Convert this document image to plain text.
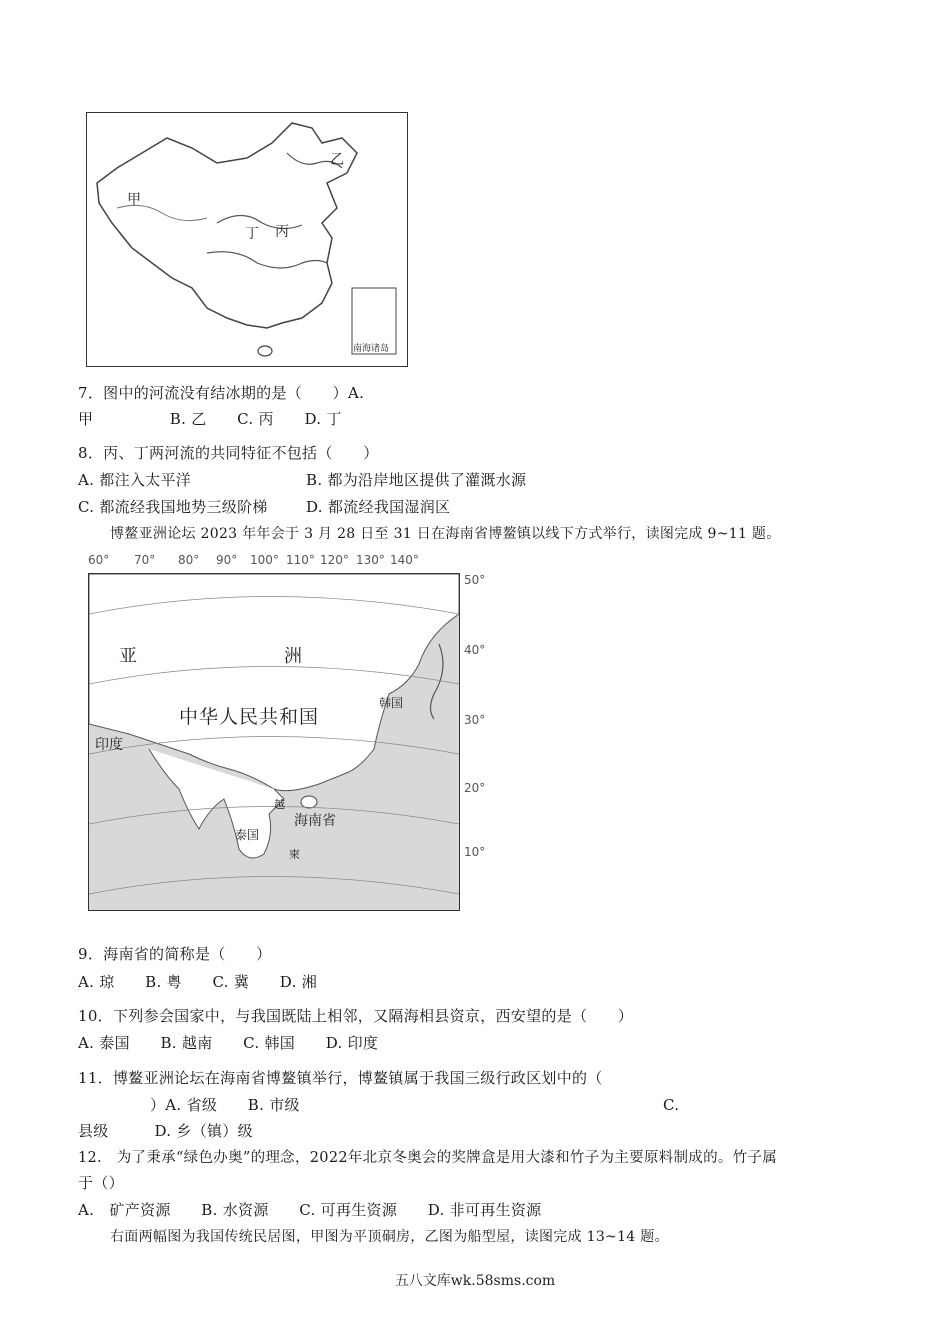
甲
乙
丙
丁
南海诸岛
7．图中的河流没有结冰期的是（　　）A.
甲　　　　　B. 乙　　C. 丙　　D. 丁
8．丙、丁两河流的共同特征不包括（　　）
A. 都注入太平洋	B. 都为沿岸地区提供了灌溉水源
C. 都流经我国地势三级阶梯	D. 都流经我国湿润区
博鳌亚洲论坛 2023 年年会于 3 月 28 日至 31 日在海南省博鳌镇以线下方式举行，读图完成 9~11 题。
60° 70° 80° 90° 100° 110° 120° 130° 140°
亚	洲
中华人民共和国
韩国
印度
越
海南省
泰国
柬
50°
40°
30°
20°
10°
9．海南省的简称是（　　）
A. 琼　　B. 粤　　C. 冀　　D. 湘
10．下列参会国家中，与我国既陆上相邻，又隔海相县资京，西安望的是（　　）
A. 泰国　　B. 越南　　C. 韩国　　D. 印度
11．博鳌亚洲论坛在海南省博鳌镇举行，博鳌镇属于我国三级行政区划中的（
）A. 省级　　B. 市级	C.
县级　　　D. 乡（镇）级
12.　为了秉承“绿色办奥”的理念，2022年北京冬奥会的奖牌盒是用大漆和竹子为主要原料制成的。竹子属
于（）
A.　矿产资源　　B. 水资源　　C. 可再生资源　　D. 非可再生资源
右面两幅图为我国传统民居图，甲图为平顶硐房，乙图为船型屋，读图完成 13~14 题。
五八文库wk.58sms.com
